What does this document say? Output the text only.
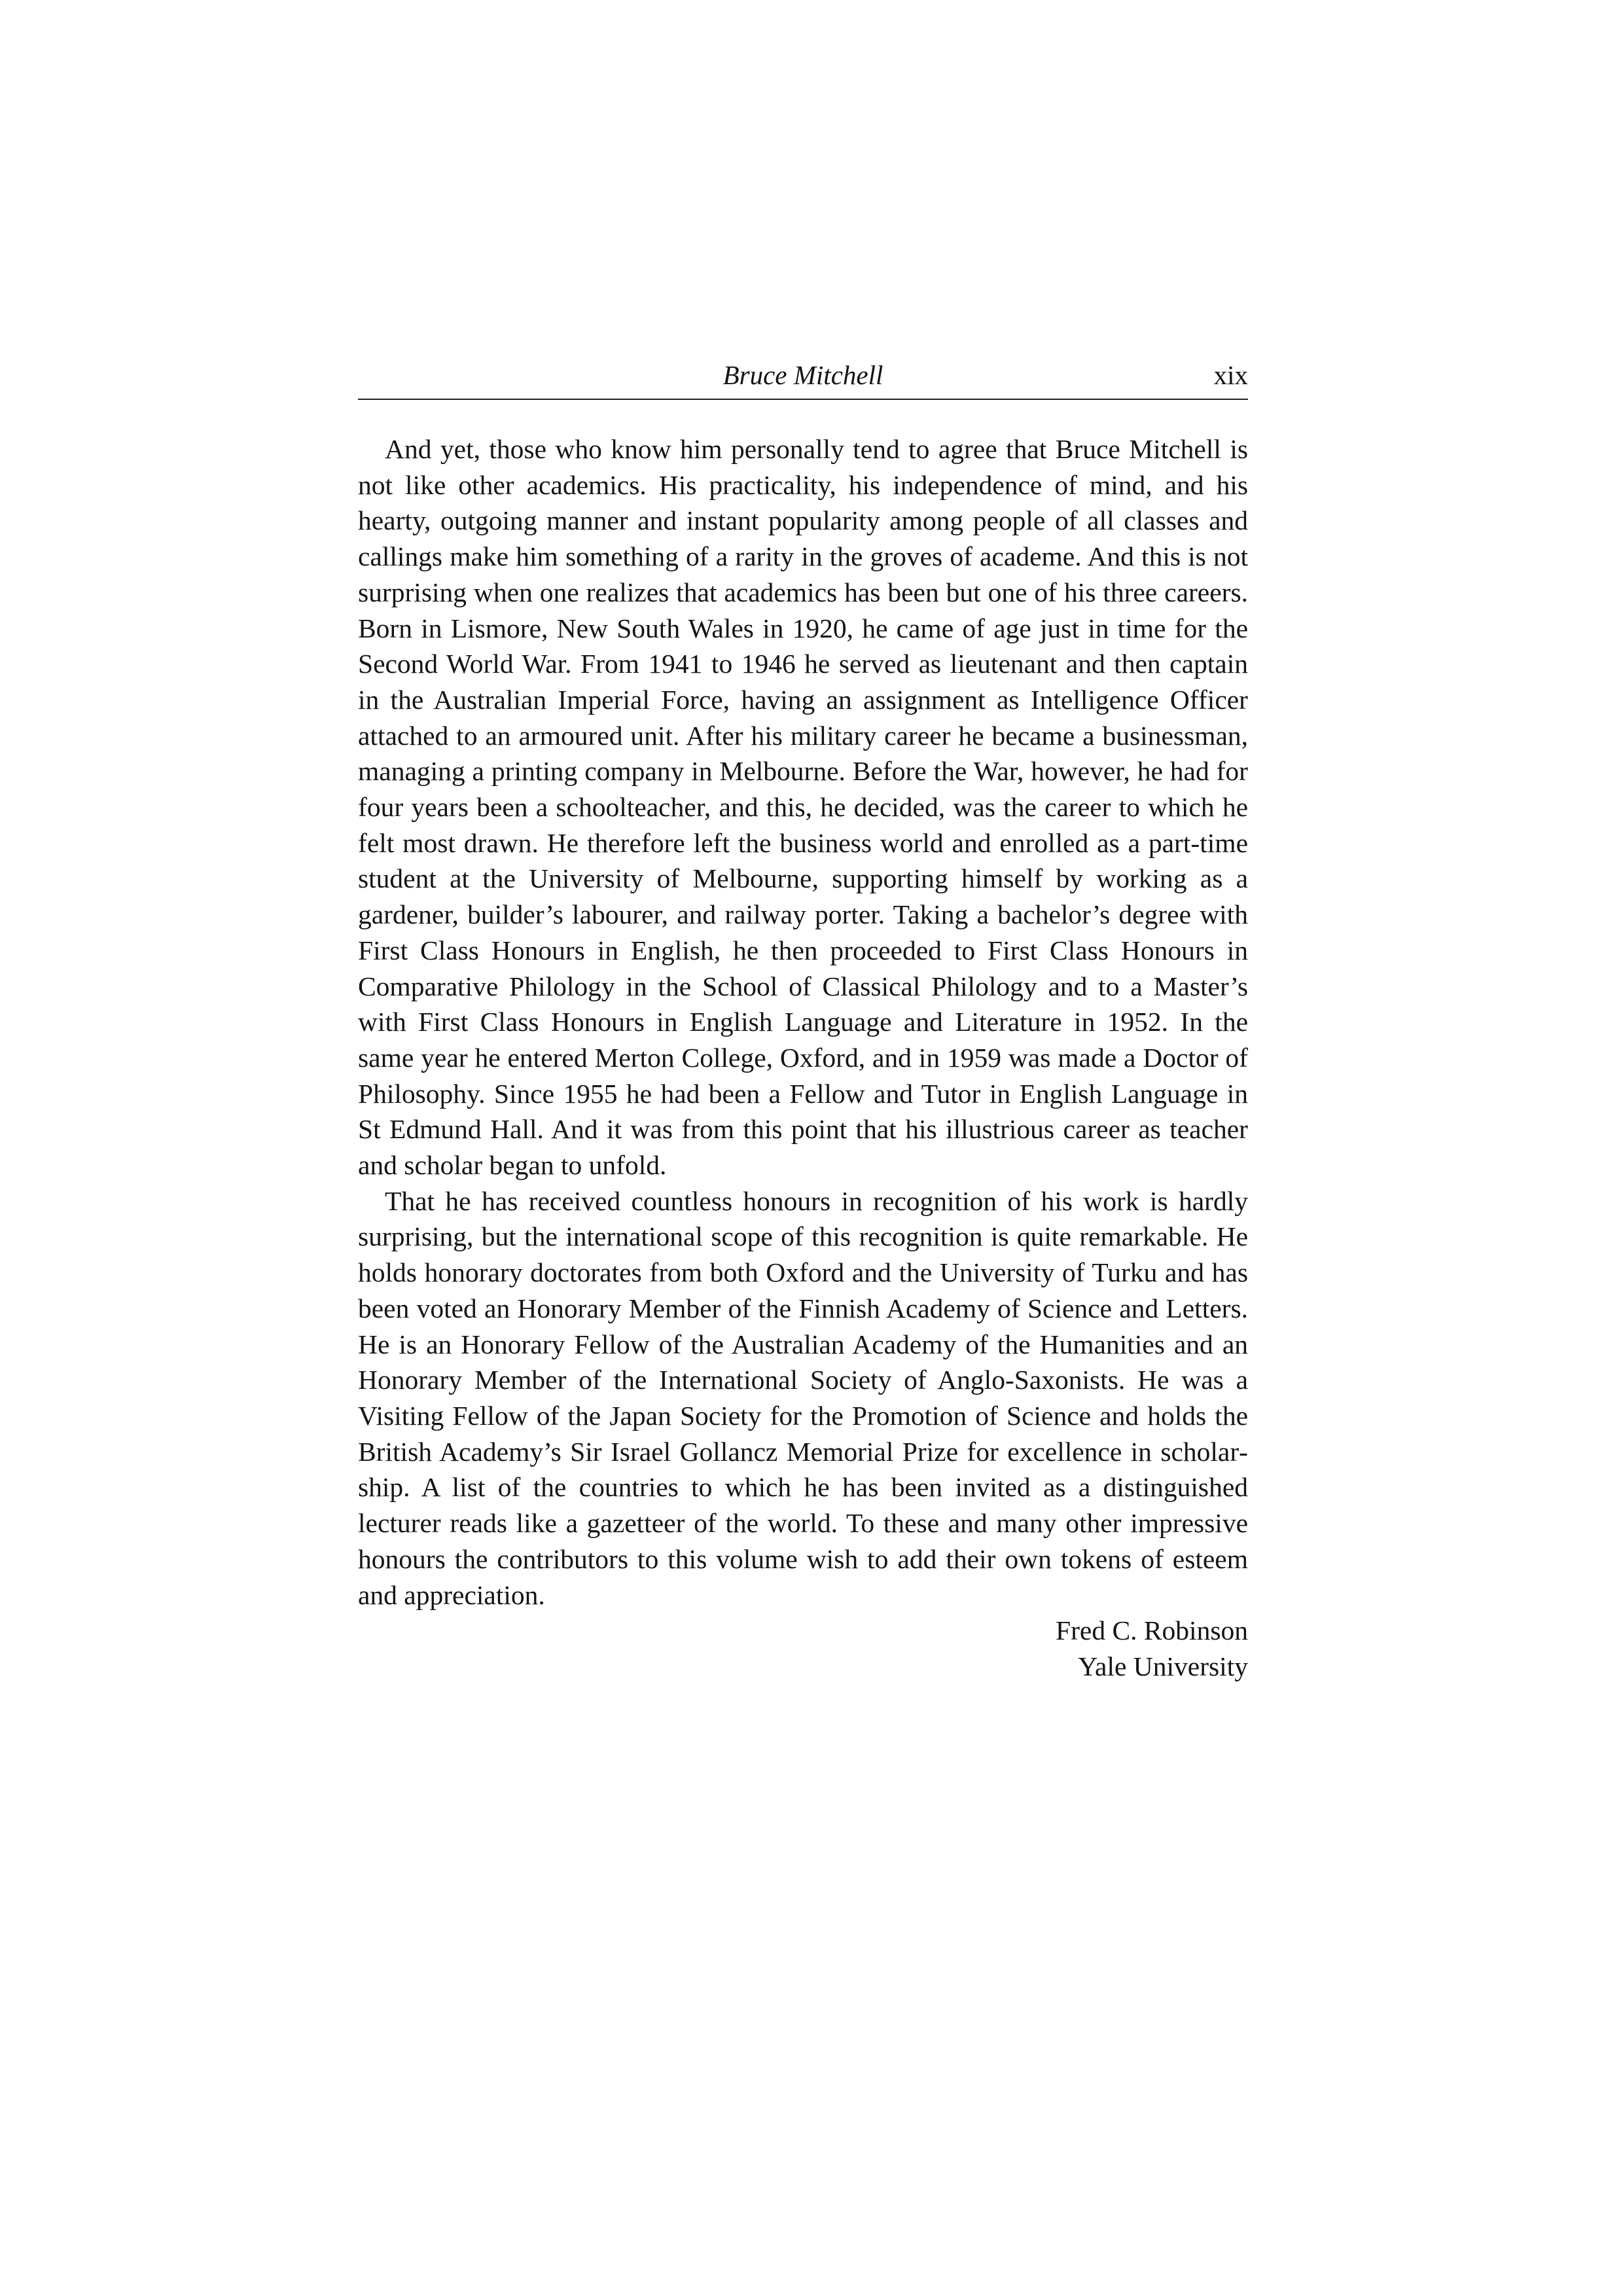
Bruce Mitchell	xix

And yet, those who know him personally tend to agree that Bruce Mitchell is not like other academics. His practicality, his independence of mind, and his hearty, outgoing manner and instant popularity among people of all classes and callings make him something of a rarity in the groves of academe. And this is not surprising when one realizes that academics has been but one of his three careers. Born in Lismore, New South Wales in 1920, he came of age just in time for the Second World War. From 1941 to 1946 he served as lieutenant and then captain in the Australian Imperial Force, having an assignment as Intelligence Officer attached to an armoured unit. After his military career he became a businessman, managing a printing company in Melbourne. Before the War, however, he had for four years been a schoolteacher, and this, he decided, was the career to which he felt most drawn. He therefore left the business world and enrolled as a part-time student at the University of Melbourne, supporting himself by working as a gardener, builder’s labourer, and railway porter. Taking a bachelor’s degree with First Class Honours in English, he then proceeded to First Class Honours in Comparative Philology in the School of Classical Philology and to a Master’s with First Class Honours in English Language and Literature in 1952. In the same year he entered Merton College, Oxford, and in 1959 was made a Doctor of Philosophy. Since 1955 he had been a Fellow and Tutor in English Language in St Edmund Hall. And it was from this point that his illustrious career as teacher and scholar began to unfold.

That he has received countless honours in recognition of his work is hardly surprising, but the international scope of this recognition is quite remarkable. He holds honorary doctorates from both Oxford and the University of Turku and has been voted an Honorary Member of the Finnish Academy of Science and Letters. He is an Honorary Fellow of the Australian Academy of the Humanities and an Honorary Member of the International Society of Anglo-Saxonists. He was a Visiting Fellow of the Japan Society for the Promotion of Science and holds the British Academy’s Sir Israel Gollancz Memorial Prize for excellence in scholarship. A list of the countries to which he has been invited as a distinguished lecturer reads like a gazetteer of the world. To these and many other impressive honours the contributors to this volume wish to add their own tokens of esteem and appreciation.

Fred C. Robinson
Yale University
